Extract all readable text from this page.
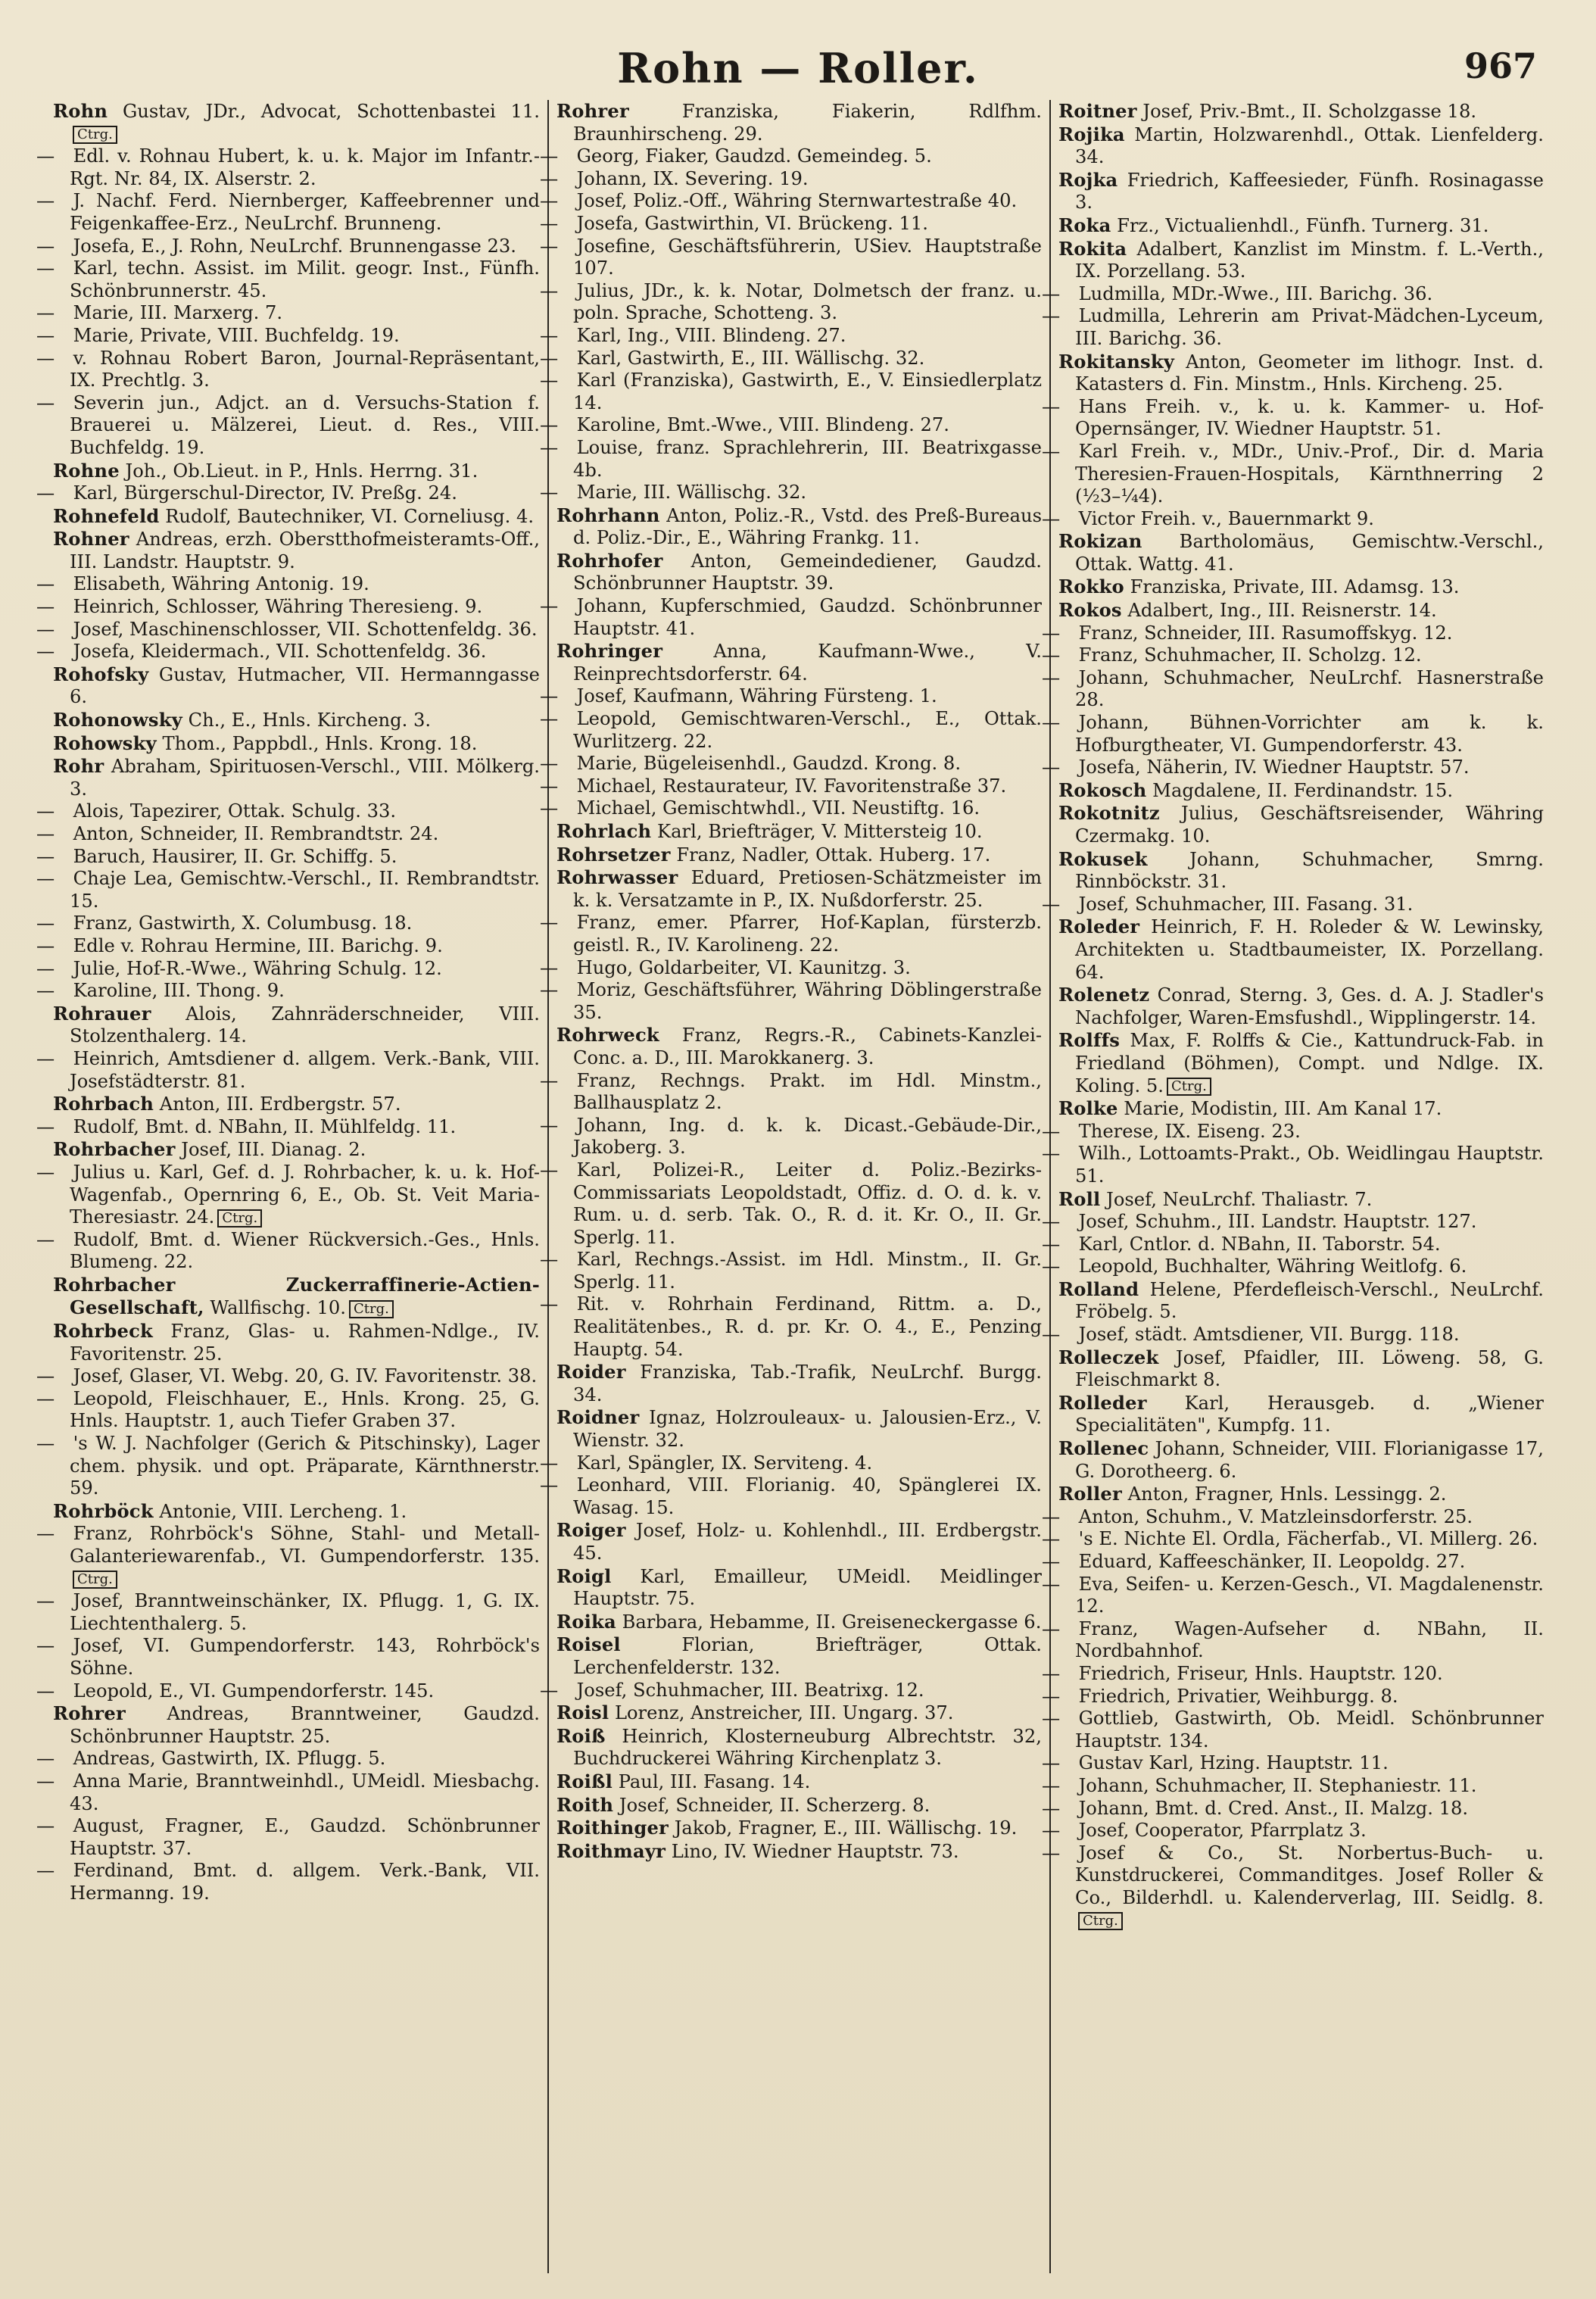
Rohn — Roller.	967
Rohn Gustav, JDr., Advocat, Schottenbastei 11.Ctrg.
— Edl. v. Rohnau Hubert, k. u. k. Major im Infantr.-Rgt. Nr. 84, IX. Alserstr. 2.
— J. Nachf. Ferd. Niernberger, Kaffeebrenner und Feigenkaffee-Erz., NeuLrchf. Brunneng.
— Josefa, E., J. Rohn, NeuLrchf. Brunnengasse 23.
— Karl, techn. Assist. im Milit. geogr. Inst., Fünfh. Schönbrunnerstr. 45.
— Marie, III. Marxerg. 7.
— Marie, Private, VIII. Buchfeldg. 19.
— v. Rohnau Robert Baron, Journal-Repräsentant, IX. Prechtlg. 3.
— Severin jun., Adjct. an d. Versuchs-Station f. Brauerei u. Mälzerei, Lieut. d. Res., VIII. Buchfeldg. 19.
Rohne Joh., Ob.Lieut. in P., Hnls. Herrng. 31.
— Karl, Bürgerschul-Director, IV. Preßg. 24.
Rohnefeld Rudolf, Bautechniker, VI. Corneliusg. 4.
Rohner Andreas, erzh. Oberstthofmeisteramts-Off., III. Landstr. Hauptstr. 9.
— Elisabeth, Währing Antonig. 19.
— Heinrich, Schlosser, Währing Theresieng. 9.
— Josef, Maschinenschlosser, VII. Schottenfeldg. 36.
— Josefa, Kleidermach., VII. Schottenfeldg. 36.
Rohofsky Gustav, Hutmacher, VII. Hermanngasse 6.
Rohonowsky Ch., E., Hnls. Kircheng. 3.
Rohowsky Thom., Pappbdl., Hnls. Krong. 18.
Rohr Abraham, Spirituosen-Verschl., VIII. Mölkerg. 3.
— Alois, Tapezirer, Ottak. Schulg. 33.
— Anton, Schneider, II. Rembrandtstr. 24.
— Baruch, Hausirer, II. Gr. Schiffg. 5.
— Chaje Lea, Gemischtw.-Verschl., II. Rembrandtstr. 15.
— Franz, Gastwirth, X. Columbusg. 18.
— Edle v. Rohrau Hermine, III. Barichg. 9.
— Julie, Hof-R.-Wwe., Währing Schulg. 12.
— Karoline, III. Thong. 9.
Rohrauer Alois, Zahnräderschneider, VIII. Stolzenthalerg. 14.
— Heinrich, Amtsdiener d. allgem. Verk.-Bank, VIII. Josefstädterstr. 81.
Rohrbach Anton, III. Erdbergstr. 57.
— Rudolf, Bmt. d. NBahn, II. Mühlfeldg. 11.
Rohrbacher Josef, III. Dianag. 2.
— Julius u. Karl, Gef. d. J. Rohrbacher, k. u. k. Hof-Wagenfab., Opernring 6, E., Ob. St. Veit Maria-Theresiastr. 24. Ctrg.
— Rudolf, Bmt. d. Wiener Rückversich.-Ges., Hnls. Blumeng. 22.
Rohrbacher Zuckerraffinerie-Actien-Gesellschaft, Wallfischg. 10. Ctrg.
Rohrbeck Franz, Glas- u. Rahmen-Ndlge., IV. Favoritenstr. 25.
— Josef, Glaser, VI. Webg. 20, G. IV. Favoritenstr. 38.
— Leopold, Fleischhauer, E., Hnls. Krong. 25, G. Hnls. Hauptstr. 1, auch Tiefer Graben 37.
— 's W. J. Nachfolger (Gerich & Pitschinsky), Lager chem. physik. und opt. Präparate, Kärnthnerstr. 59.
Rohrböck Antonie, VIII. Lercheng. 1.
— Franz, Rohrböck's Söhne, Stahl- und Metall-Galanteriewarenfab., VI. Gumpendorferstr. 135.Ctrg.
— Josef, Branntweinschänker, IX. Pflugg. 1, G. IX. Liechtenthalerg. 5.
— Josef, VI. Gumpendorferstr. 143, Rohrböck's Söhne.
— Leopold, E., VI. Gumpendorferstr. 145.
Rohrer Andreas, Branntweiner, Gaudzd. Schönbrunner Hauptstr. 25.
— Andreas, Gastwirth, IX. Pflugg. 5.
— Anna Marie, Branntweinhdl., UMeidl. Miesbachg. 43.
— August, Fragner, E., Gaudzd. Schönbrunner Hauptstr. 37.
— Ferdinand, Bmt. d. allgem. Verk.-Bank, VII. Hermanng. 19.
Rohrer	Franziska, Fiakerin, Rdlfhm. Braunhirscheng. 29.
— Georg, Fiaker, Gaudzd. Gemeindeg. 5.
— Johann, IX. Severing. 19.
— Josef, Poliz.-Off., Währing Sternwartestraße 40.
— Josefa, Gastwirthin, VI. Brückeng. 11.
— Josefine, Geschäftsführerin, USiev. Hauptstraße 107.
— Julius, JDr., k. k. Notar, Dolmetsch der franz. u. poln. Sprache, Schotteng. 3.
— Karl, Ing., VIII. Blindeng. 27.
— Karl, Gastwirth, E., III. Wällischg. 32.
— Karl (Franziska), Gastwirth, E., V. Einsiedlerplatz 14.
— Karoline, Bmt.-Wwe., VIII. Blindeng. 27.
— Louise, franz. Sprachlehrerin, III. Beatrixgasse 4b.
— Marie, III. Wällischg. 32.
Rohrhann Anton, Poliz.-R., Vstd. des Preß-Bureaus d. Poliz.-Dir., E., Währing Frankg. 11.
Rohrhofer Anton, Gemeindediener, Gaudzd. Schönbrunner Hauptstr. 39.
— Johann, Kupferschmied, Gaudzd. Schönbrunner Hauptstr. 41.
Rohringer	Anna, Kaufmann-Wwe., V. Reinprechtsdorferstr. 64.
— Josef, Kaufmann, Währing Fürsteng. 1.
— Leopold, Gemischtwaren-Verschl., E., Ottak. Wurlitzerg. 22.
— Marie, Bügeleisenhdl., Gaudzd. Krong. 8.
— Michael, Restaurateur, IV. Favoritenstraße 37.
— Michael, Gemischtwhdl., VII. Neustiftg. 16.
Rohrlach Karl, Briefträger, V. Mittersteig 10.
Rohrsetzer Franz, Nadler, Ottak. Huberg. 17.
Rohrwasser Eduard, Pretiosen-Schätzmeister im k. k. Versatzamte in P., IX. Nußdorferstr. 25.
— Franz, emer. Pfarrer, Hof-Kaplan, fürsterzb. geistl. R., IV. Karolineng. 22.
— Hugo, Goldarbeiter, VI. Kaunitzg. 3.
— Moriz, Geschäftsführer, Währing Döblingerstraße 35.
Rohrweck Franz, Regrs.-R., Cabinets-Kanzlei-Conc. a. D., III. Marokkanerg. 3.
— Franz, Rechngs. Prakt. im Hdl. Minstm., Ballhausplatz 2.
— Johann, Ing. d. k. k. Dicast.-Gebäude-Dir., Jakoberg. 3.
— Karl, Polizei-R., Leiter d. Poliz.-Bezirks-Commissariats Leopoldstadt, Offiz. d. O. d. k. v. Rum. u. d. serb. Tak. O., R. d. it. Kr. O., II. Gr. Sperlg. 11.
— Karl, Rechngs.-Assist. im Hdl. Minstm., II. Gr. Sperlg. 11.
— Rit. v. Rohrhain Ferdinand, Rittm. a. D., Realitätenbes., R. d. pr. Kr. O. 4., E., Penzing Hauptg. 54.
Roider Franziska, Tab.-Trafik, NeuLrchf. Burgg. 34.
Roidner Ignaz, Holzrouleaux- u. Jalousien-Erz., V. Wienstr. 32.
— Karl, Spängler, IX. Serviteng. 4.
— Leonhard, VIII. Florianig. 40, Spänglerei IX. Wasag. 15.
Roiger Josef, Holz- u. Kohlenhdl., III. Erdbergstr. 45.
Roigl Karl, Emailleur, UMeidl. Meidlinger Hauptstr. 75.
Roika Barbara, Hebamme, II. Greiseneckergasse 6.
Roisel	Florian, Briefträger, Ottak. Lerchenfelderstr. 132.
— Josef, Schuhmacher, III. Beatrixg. 12.
Roisl Lorenz, Anstreicher, III. Ungarg. 37.
Roiß Heinrich, Klosterneuburg Albrechtstr. 32, Buchdruckerei Währing Kirchenplatz 3.
Roißl Paul, III. Fasang. 14.
Roith Josef, Schneider, II. Scherzerg. 8.
Roithinger Jakob, Fragner, E., III. Wällischg. 19.
Roithmayr Lino, IV. Wiedner Hauptstr. 73.
Roitner Josef, Priv.-Bmt., II. Scholzgasse 18.
Rojika Martin, Holzwarenhdl., Ottak. Lienfelderg. 34.
Rojka Friedrich, Kaffeesieder, Fünfh. Rosinagasse 3.
Roka Frz., Victualienhdl., Fünfh. Turnerg. 31.
Rokita Adalbert, Kanzlist im Minstm. f. L.-Verth., IX. Porzellang. 53.
— Ludmilla, MDr.-Wwe., III. Barichg. 36.
— Ludmilla, Lehrerin am Privat-Mädchen-Lyceum, III. Barichg. 36.
Rokitansky Anton, Geometer im lithogr. Inst. d. Katasters d. Fin. Minstm., Hnls. Kircheng. 25.
— Hans Freih. v., k. u. k. Kammer- u. Hof-Opernsänger, IV. Wiedner Hauptstr. 51.
— Karl Freih. v., MDr., Univ.-Prof., Dir. d. Maria Theresien-Frauen-Hospitals, Kärnthnerring 2 (½3–¼4).
— Victor Freih. v., Bauernmarkt 9.
Rokizan Bartholomäus, Gemischtw.-Verschl., Ottak. Wattg. 41.
Rokko Franziska, Private, III. Adamsg. 13.
Rokos Adalbert, Ing., III. Reisnerstr. 14.
— Franz, Schneider, III. Rasumoffskyg. 12.
— Franz, Schuhmacher, II. Scholzg. 12.
— Johann, Schuhmacher, NeuLrchf. Hasnerstraße 28.
— Johann, Bühnen-Vorrichter am k. k. Hofburgtheater, VI. Gumpendorferstr. 43.
— Josefa, Näherin, IV. Wiedner Hauptstr. 57.
Rokosch Magdalene, II. Ferdinandstr. 15.
Rokotnitz Julius, Geschäftsreisender, Währing Czermakg. 10.
Rokusek Johann, Schuhmacher, Smrng. Rinnböckstr. 31.
— Josef, Schuhmacher, III. Fasang. 31.
Roleder Heinrich, F. H. Roleder & W. Lewinsky, Architekten u. Stadtbaumeister, IX. Porzellang. 64.
Rolenetz Conrad, Sterng. 3, Ges. d. A. J. Stadler's Nachfolger, Waren-Emsfushdl., Wipplingerstr. 14.
Rolffs Max, F. Rolffs & Cie., Kattundruck-Fab. in Friedland (Böhmen), Compt. und Ndlge. IX. Koling. 5. Ctrg.
Rolke Marie, Modistin, III. Am Kanal 17.
— Therese, IX. Eiseng. 23.
— Wilh., Lottoamts-Prakt., Ob. Weidlingau Hauptstr. 51.
Roll Josef, NeuLrchf. Thaliastr. 7.
— Josef, Schuhm., III. Landstr. Hauptstr. 127.
— Karl, Cntlor. d. NBahn, II. Taborstr. 54.
— Leopold, Buchhalter, Währing Weitlofg. 6.
Rolland Helene, Pferdefleisch-Verschl., NeuLrchf. Fröbelg. 5.
— Josef, städt. Amtsdiener, VII. Burgg. 118.
Rolleczek Josef, Pfaidler, III. Löweng. 58, G. Fleischmarkt 8.
Rolleder Karl, Herausgeb. d. „Wiener Specialitäten", Kumpfg. 11.
Rollenec Johann, Schneider, VIII. Florianigasse 17, G. Dorotheerg. 6.
Roller Anton, Fragner, Hnls. Lessingg. 2.
— Anton, Schuhm., V. Matzleinsdorferstr. 25.
— 's E. Nichte El. Ordla, Fächerfab., VI. Millerg. 26.
— Eduard, Kaffeeschänker, II. Leopoldg. 27.
— Eva, Seifen- u. Kerzen-Gesch., VI. Magdalenenstr. 12.
— Franz, Wagen-Aufseher d. NBahn, II. Nordbahnhof.
— Friedrich, Friseur, Hnls. Hauptstr. 120.
— Friedrich, Privatier, Weihburgg. 8.
— Gottlieb, Gastwirth, Ob. Meidl. Schönbrunner Hauptstr. 134.
— Gustav Karl, Hzing. Hauptstr. 11.
— Johann, Schuhmacher, II. Stephaniestr. 11.
— Johann, Bmt. d. Cred. Anst., II. Malzg. 18.
— Josef, Cooperator, Pfarrplatz 3.
— Josef & Co., St. Norbertus-Buch- u. Kunstdruckerei, Commanditges. Josef Roller & Co., Bilderhdl. u. Kalenderverlag, III. Seidlg. 8.Ctrg.
